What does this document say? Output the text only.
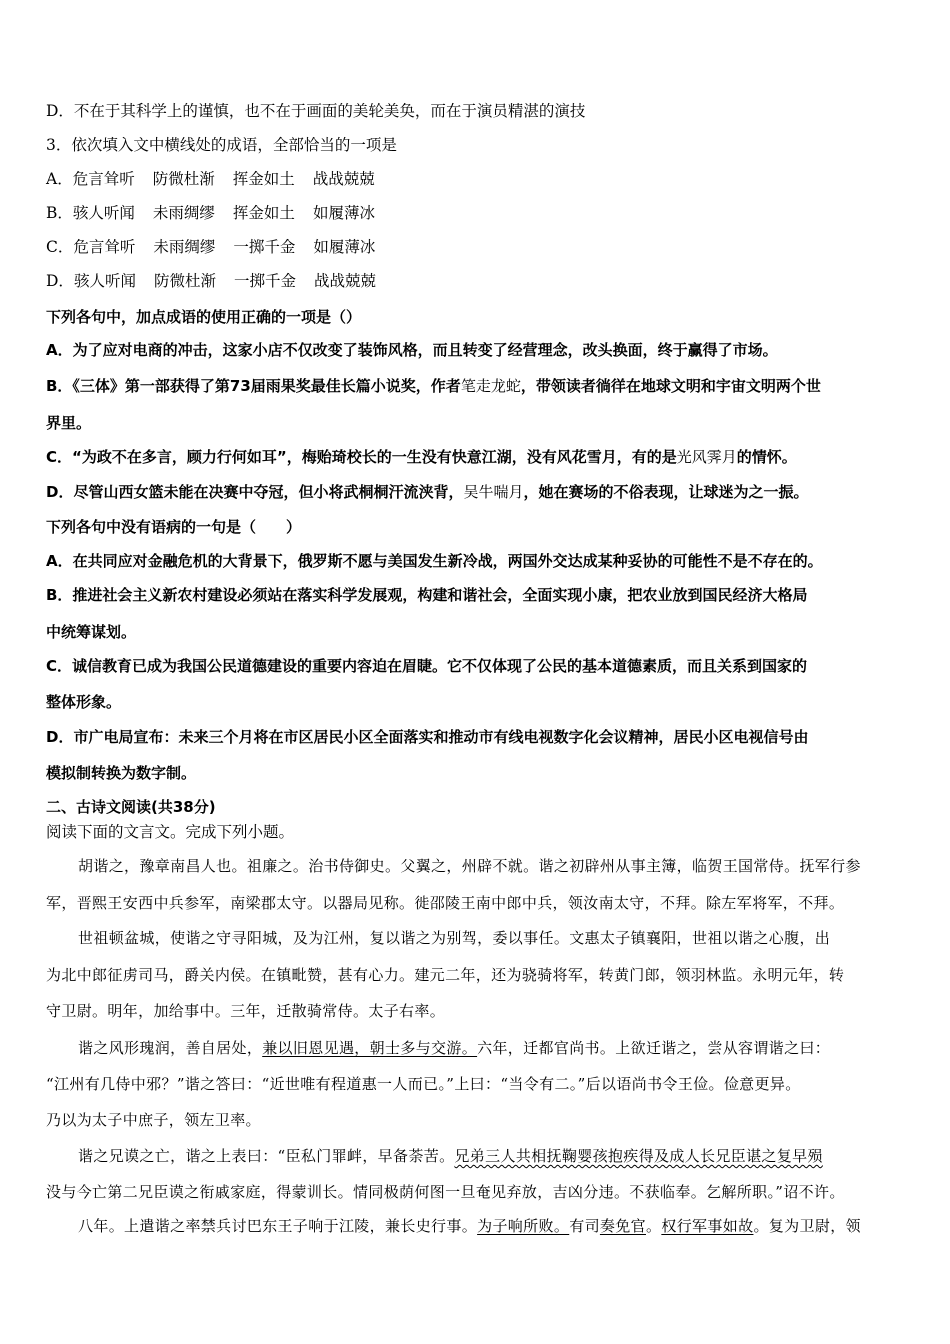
D．不在于其科学上的谨慎，也不在于画面的美轮美奂，而在于演员精湛的演技
3．依次填入文中横线处的成语，全部恰当的一项是
A．危言耸听 防微杜渐 挥金如土 战战兢兢
B．骇人听闻 未雨绸缪 挥金如土 如履薄冰
C．危言耸听 未雨绸缪 一掷千金 如履薄冰
D．骇人听闻 防微杜渐 一掷千金 战战兢兢
下列各句中，加点成语的使用正确的一项是（）
A．为了应对电商的冲击，这家小店不仅改变了装饰风格，而且转变了经营理念，改头换面，终于赢得了市场。
B．《三体》第一部获得了第73届雨果奖最佳长篇小说奖，作者笔走龙蛇，带领读者徜徉在地球文明和宇宙文明两个世
界里。
C．“为政不在多言，顾力行何如耳”，梅贻琦校长的一生没有快意江湖，没有风花雪月，有的是光风霁月的情怀。
D．尽管山西女篮未能在决赛中夺冠，但小将武桐桐汗流浃背，吴牛喘月，她在赛场的不俗表现，让球迷为之一振。
下列各句中没有语病的一句是（　　）
A．在共同应对金融危机的大背景下，俄罗斯不愿与美国发生新冷战，两国外交达成某种妥协的可能性不是不存在的。
B．推进社会主义新农村建设必须站在落实科学发展观，构建和谐社会，全面实现小康，把农业放到国民经济大格局
中统筹谋划。
C．诚信教育已成为我国公民道德建设的重要内容迫在眉睫。它不仅体现了公民的基本道德素质，而且关系到国家的
整体形象。
D．市广电局宣布：未来三个月将在市区居民小区全面落实和推动市有线电视数字化会议精神，居民小区电视信号由
模拟制转换为数字制。
二、古诗文阅读(共38分)
阅读下面的文言文。完成下列小题。
胡谐之，豫章南昌人也。祖廉之。治书侍御史。父翼之，州辟不就。谐之初辟州从事主簿，临贺王国常侍。抚军行参
军，晋熙王安西中兵参军，南梁郡太守。以器局见称。徙邵陵王南中郎中兵，领汝南太守，不拜。除左军将军，不拜。
世祖顿盆城，使谐之守寻阳城，及为江州，复以谐之为别驾，委以事任。文惠太子镇襄阳，世祖以谐之心腹，出
为北中郎征虏司马，爵关内侯。在镇毗赞，甚有心力。建元二年，还为骁骑将军，转黄门郎，领羽林监。永明元年，转
守卫尉。明年，加给事中。三年，迁散骑常侍。太子右率。
谐之风形瑰润，善自居处，兼以旧恩见遇，朝士多与交游。六年，迁都官尚书。上欲迁谐之，尝从容谓谐之曰：
“江州有几侍中邪？”谐之答曰：“近世唯有程道惠一人而已。”上曰：“当令有二。”后以语尚书令王俭。俭意更异。
乃以为太子中庶子，领左卫率。
谐之兄谟之亡，谐之上表曰：“臣私门罪衅，早备荼苦。兄弟三人共相抚鞠婴孩抱疾得及成人长兄臣谌之复早殒
没与今亡第二兄臣谟之衔戚家庭，得蒙训长。情同极荫何图一旦奄见弃放，吉凶分违。不获临奉。乞解所职。”诏不许。
八年。上遣谐之率禁兵讨巴东王子响于江陵，兼长史行事。为子响所败。有司奏免官。权行军事如故。复为卫尉，领
